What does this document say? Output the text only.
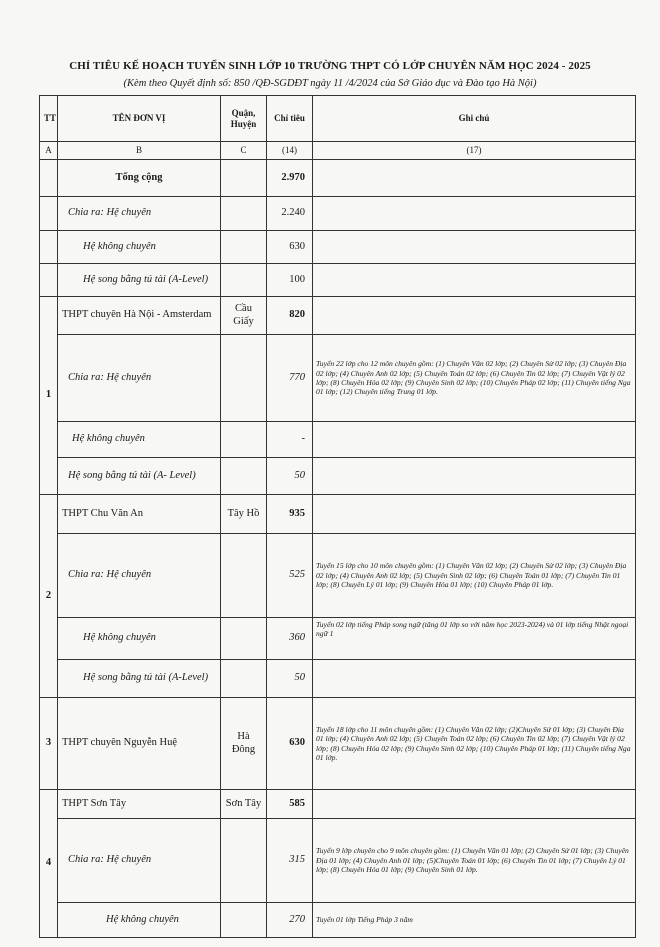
CHỈ TIÊU KẾ HOẠCH TUYỂN SINH LỚP 10 TRƯỜNG THPT CÓ LỚP CHUYÊN NĂM HỌC 2024 - 2025
(Kèm theo Quyết định số: 850 /QĐ-SGDĐT ngày 11 /4/2024 của Sở Giáo dục và Đào tạo Hà Nội)
TT	TÊN ĐƠN VỊ	Quận, Huyện	Chỉ tiêu	Ghi chú
A	B	C	(14)	(17)
	Tổng cộng		2.970	
	Chia ra: Hệ chuyên		2.240	
	Hệ không chuyên		630	
	Hệ song bằng tú tài (A-Level)		100	
1	THPT chuyên Hà Nội - Amsterdam	Cầu Giấy	820	
	Chia ra: Hệ chuyên		770	Tuyển 22 lớp cho 12 môn chuyên gồm: (1) Chuyên Văn 02 lớp; (2) Chuyên Sử 02 lớp; (3) Chuyên Địa 02 lớp; (4) Chuyên Anh 02 lớp; (5) Chuyên Toán 02 lớp; (6) Chuyên Tin 02 lớp; (7) Chuyên Vật lý 02 lớp; (8) Chuyên Hóa 02 lớp; (9) Chuyên Sinh 02 lớp; (10) Chuyên Pháp 02 lớp; (11) Chuyên tiếng Nga 01 lớp; (12) Chuyên tiếng Trung 01 lớp.
	Hệ không chuyên		-	
	Hệ song bằng tú tài (A- Level)		50	
2	THPT Chu Văn An	Tây Hồ	935	
	Chia ra: Hệ chuyên		525	Tuyển 15 lớp cho 10 môn chuyên gồm: (1) Chuyên Văn 02 lớp; (2) Chuyên Sử 02 lớp; (3) Chuyên Địa 02 lớp; (4) Chuyên Anh 02 lớp; (5) Chuyên Sinh 02 lớp; (6) Chuyên Toán 01 lớp; (7) Chuyên Tin 01 lớp; (8) Chuyên Lý 01 lớp; (9) Chuyên Hóa 01 lớp; (10) Chuyên Pháp 01 lớp.
	Hệ không chuyên		360	Tuyển 02 lớp tiếng Pháp song ngữ (tăng 01 lớp so với năm học 2023-2024) và 01 lớp tiếng Nhật ngoại ngữ 1
	Hệ song bằng tú tài (A-Level)		50	
3	THPT chuyên Nguyễn Huệ	Hà Đông	630	Tuyển 18 lớp cho 11 môn chuyên gồm: (1) Chuyên Văn 02 lớp; (2)Chuyên Sử 01 lớp; (3) Chuyên Địa 01 lớp; (4) Chuyên Anh 02 lớp; (5) Chuyên Toán 02 lớp; (6) Chuyên Tin 02 lớp; (7) Chuyên Vật lý 02 lớp; (8) Chuyên Hóa 02 lớp; (9) Chuyên Sinh 02 lớp; (10) Chuyên Pháp 01 lớp; (11) Chuyên tiếng Nga 01 lớp.
4	THPT Sơn Tây	Sơn Tây	585	
	Chia ra: Hệ chuyên		315	Tuyển 9 lớp chuyên cho 9 môn chuyên gồm: (1) Chuyên Văn 01 lớp; (2) Chuyên Sử 01 lớp; (3) Chuyên Địa 01 lớp; (4) Chuyên Anh 01 lớp; (5)Chuyên Toán 01 lớp; (6) Chuyên Tin 01 lớp; (7) Chuyên Lý 01 lớp; (8) Chuyên Hóa 01 lớp; (9) Chuyên Sinh 01 lớp.
	Hệ không chuyên		270	Tuyển 01 lớp Tiếng Pháp 3 năm
